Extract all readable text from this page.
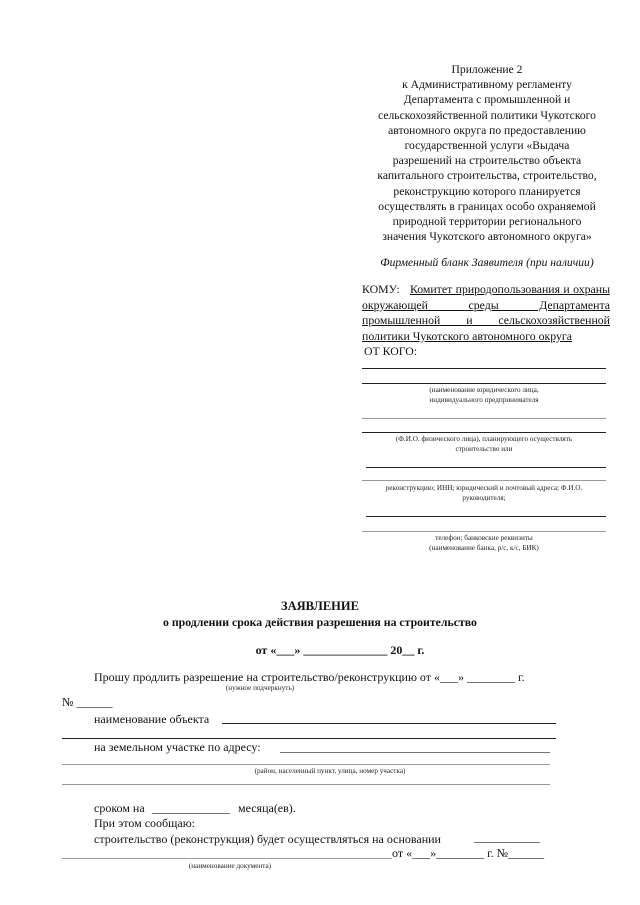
Приложение 2
к Административному регламенту
Департамента с промышленной и
сельскохозяйственной политики Чукотского
автономного округа по предоставлению
государственной услуги «Выдача
разрешений на строительство объекта
капитального строительства, строительство,
реконструкцию которого планируется
осуществлять в границах особо охраняемой
природной территории регионального
значения Чукотского автономного округа»
Фирменный бланк Заявителя (при наличии)
КОМУ: Комитет природопользования и охраны окружающей среды Департамента промышленной и сельскохозяйственной политики Чукотского автономного округа
ОТ КОГО:
(наименование юридического лица,
индивидуального предпринимателя
(Ф.И.О. физического лица), планирующего осуществлять
строительство или
реконструкцию; ИНН; юридический и почтовый адреса; Ф.И.О.
руководителя;
телефон; банковские реквизиты
(наименование банка, р/с, к/с, БИК)
ЗАЯВЛЕНИЕ
о продлении срока действия разрешения на строительство
от «___» ______________ 20__ г.
Прошу продлить разрешение на строительство/реконструкцию от «___» ________ г.
(нужное подчеркнуть)
№ ______
наименование объекта
на земельном участке по адресу: _____________________________________________
(район, населенный пункт, улица, номер участка)
сроком на _____________ месяца(ев).
При этом сообщаю:
строительство (реконструкция) будет осуществляться на основании	___________
от «___»________ г. №______
(наименование документа)
